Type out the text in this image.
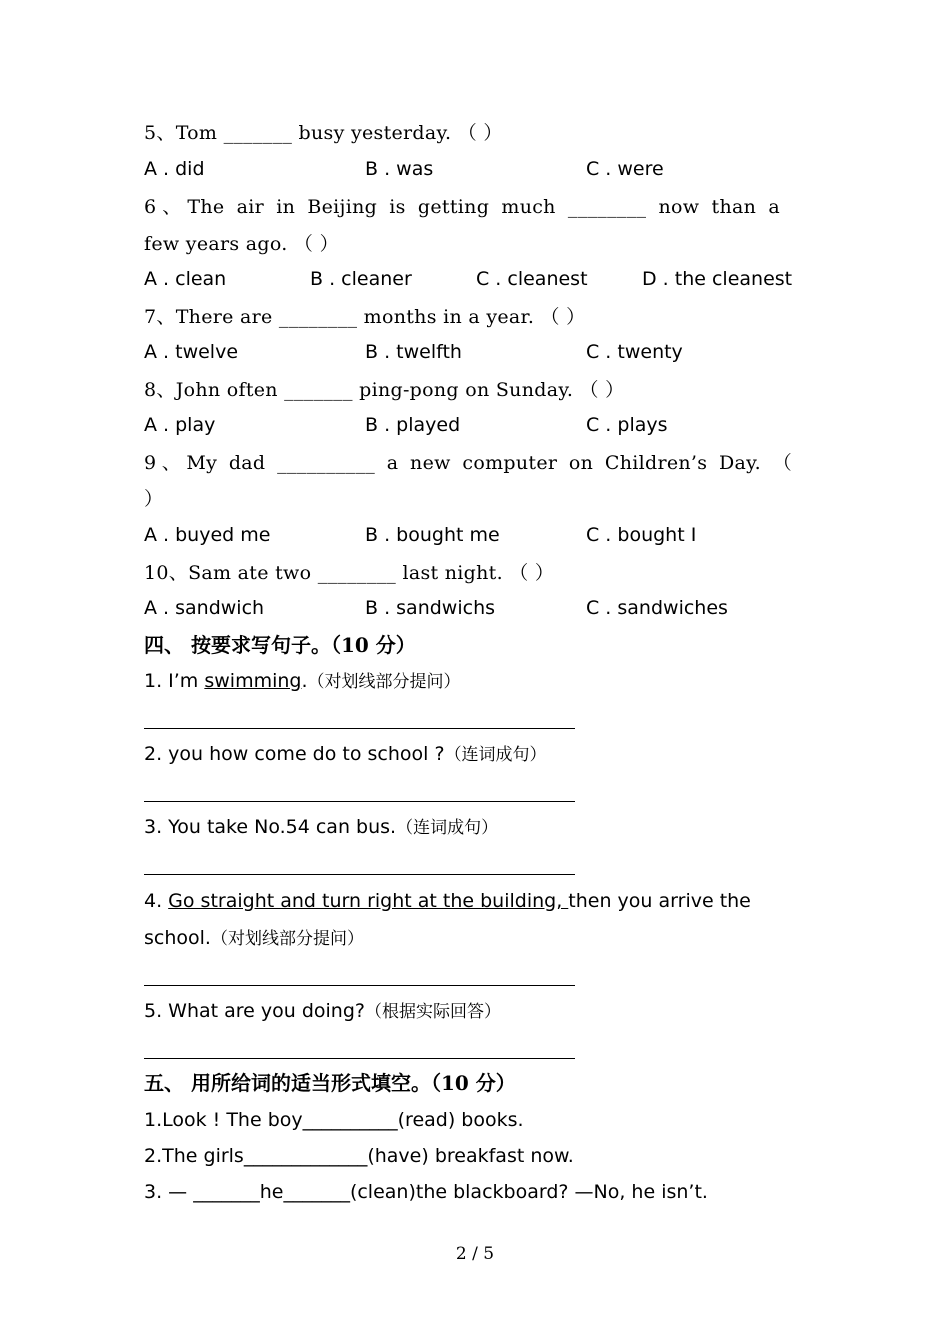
5、Tom _______ busy yesterday. （ ）
A . did	B . was	C . were
6、The air in Beijing is getting much ________ now than a
few years ago. （ ）
A . clean	B . cleaner	C . cleanest	D . the cleanest
7、There are ________ months in a year. （ ）
A . twelve	B . twelfth	C . twenty
8、John often _______ ping-pong on Sunday. （ ）
A . play	B . played	C . plays
9、My dad __________ a new computer on Children’s Day. （
）
A . buyed me	B . bought me	C . bought I
10、Sam ate two ________ last night. （ ）
A . sandwich	B . sandwichs	C . sandwiches
四、 按要求写句子。（10 分）
1. I’m swimming.（对划线部分提问）
2. you how come do to school ?（连词成句）
3. You take No.54 can bus.（连词成句）
4. Go straight and turn right at the building, then you arrive the
school.（对划线部分提问）
5. What are you doing?（根据实际回答）
五、 用所给词的适当形式填空。（10 分）
1.Look ! The boy__________(read) books.
2.The girls_____________(have) breakfast now.
3. — _______he_______(clean)the blackboard? —No, he isn’t.
2 / 5
